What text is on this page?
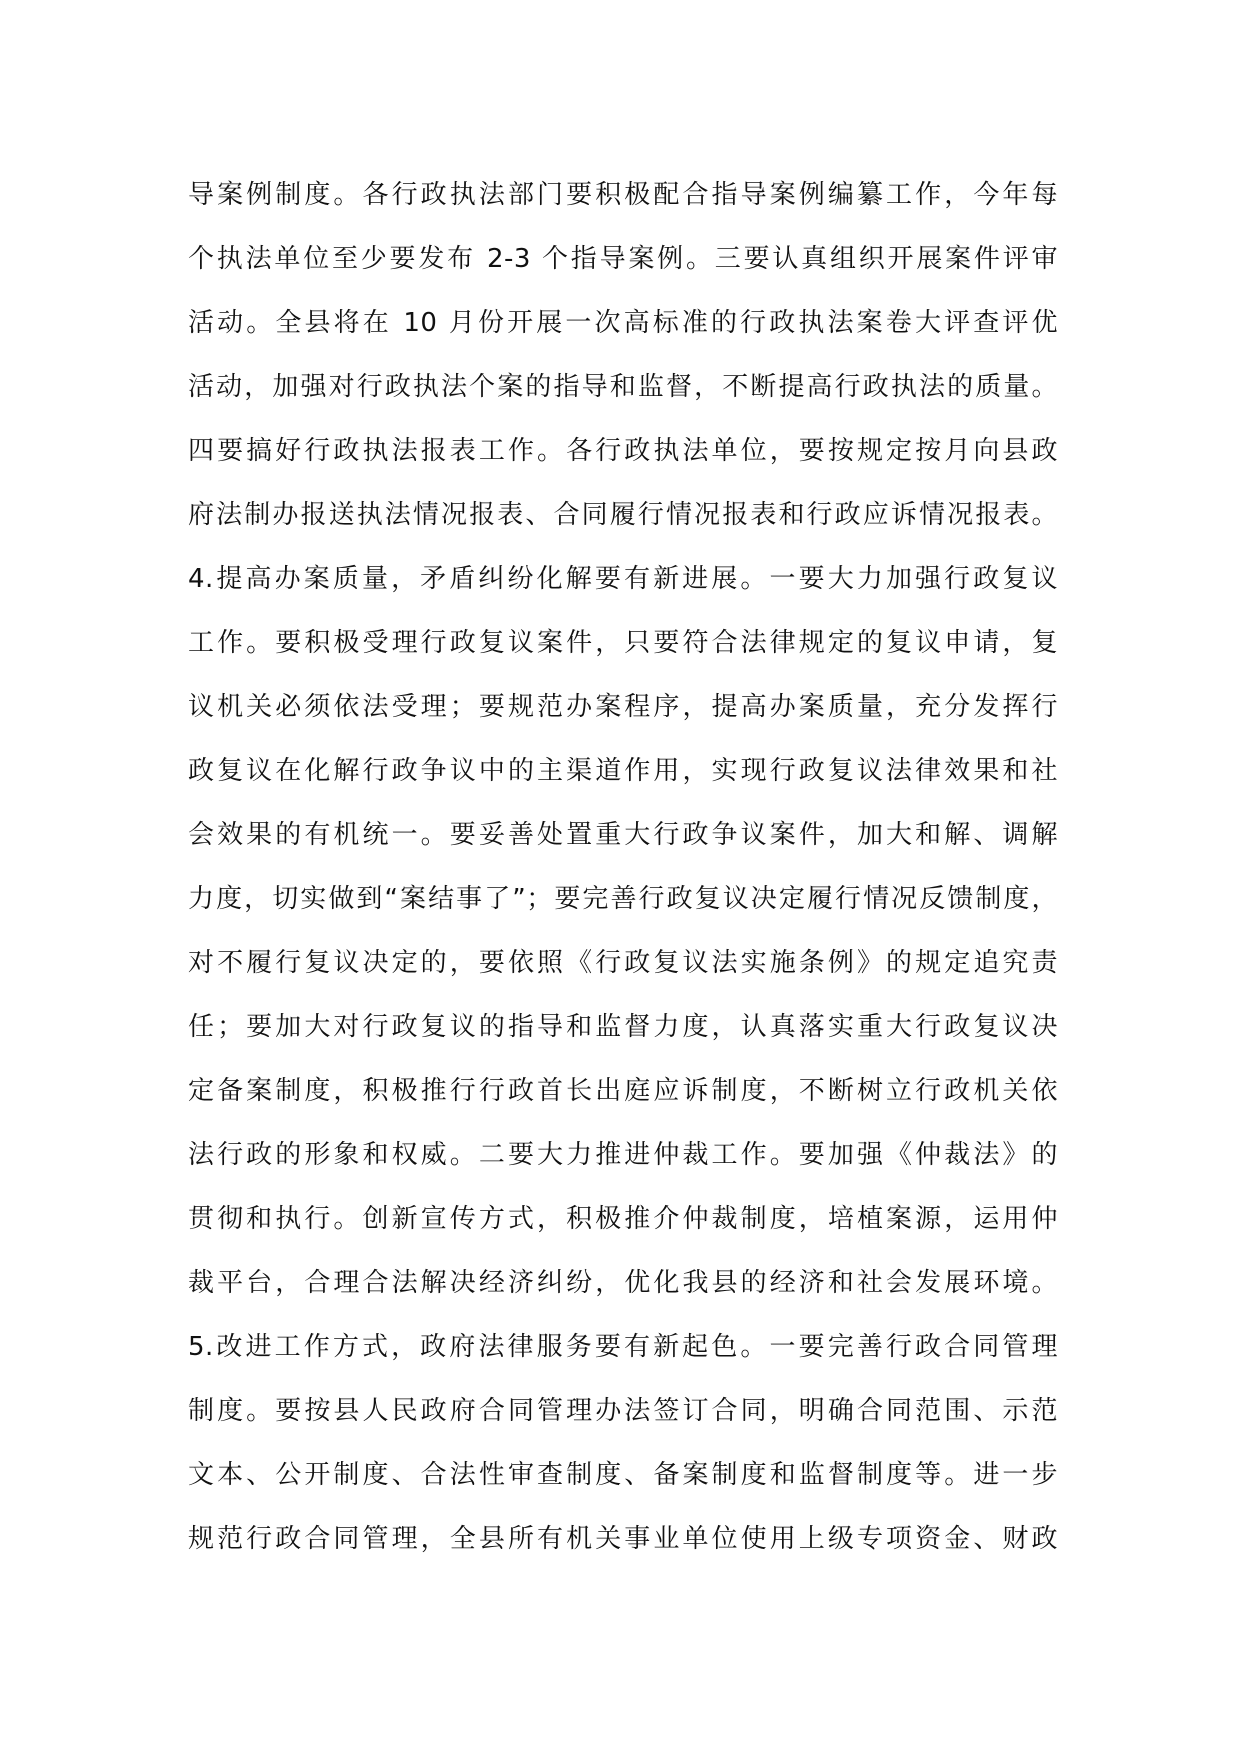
导案例制度。各行政执法部门要积极配合指导案例编纂工作，今年每
个执法单位至少要发布 2-3 个指导案例。三要认真组织开展案件评审
活动。全县将在 10 月份开展一次高标准的行政执法案卷大评查评优
活动，加强对行政执法个案的指导和监督，不断提高行政执法的质量。
四要搞好行政执法报表工作。各行政执法单位，要按规定按月向县政
府法制办报送执法情况报表、合同履行情况报表和行政应诉情况报表。
4.提高办案质量，矛盾纠纷化解要有新进展。一要大力加强行政复议
工作。要积极受理行政复议案件，只要符合法律规定的复议申请，复
议机关必须依法受理；要规范办案程序，提高办案质量，充分发挥行
政复议在化解行政争议中的主渠道作用，实现行政复议法律效果和社
会效果的有机统一。要妥善处置重大行政争议案件，加大和解、调解
力度，切实做到“案结事了”；要完善行政复议决定履行情况反馈制度，
对不履行复议决定的，要依照《行政复议法实施条例》的规定追究责
任；要加大对行政复议的指导和监督力度，认真落实重大行政复议决
定备案制度，积极推行行政首长出庭应诉制度，不断树立行政机关依
法行政的形象和权威。二要大力推进仲裁工作。要加强《仲裁法》的
贯彻和执行。创新宣传方式，积极推介仲裁制度，培植案源，运用仲
裁平台，合理合法解决经济纠纷，优化我县的经济和社会发展环境。
5.改进工作方式，政府法律服务要有新起色。一要完善行政合同管理
制度。要按县人民政府合同管理办法签订合同，明确合同范围、示范
文本、公开制度、合法性审查制度、备案制度和监督制度等。进一步
规范行政合同管理，全县所有机关事业单位使用上级专项资金、财政
